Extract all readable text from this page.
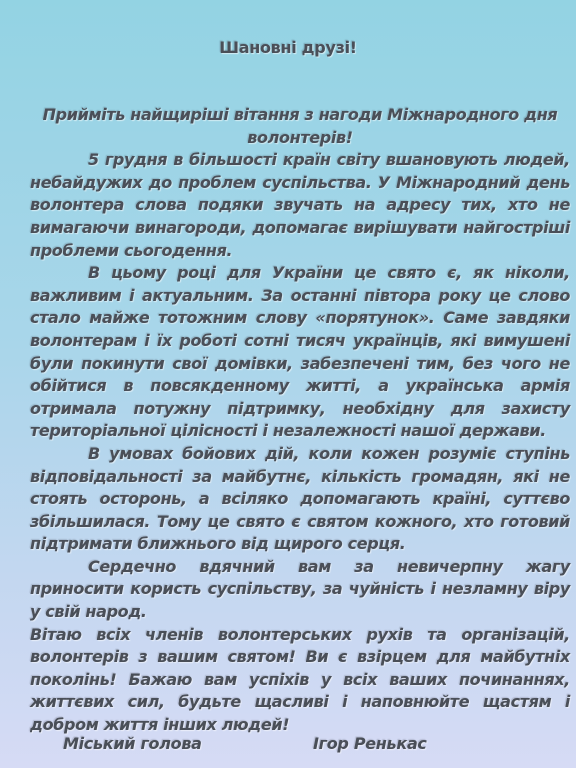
Шановні друзі!

Прийміть найщиріші вітання з нагоди Міжнародного дня волонтерів!

5 грудня в більшості країн світу вшановують людей, небайдужих до проблем суспільства. У Міжнародний день волонтера слова подяки звучать на адресу тих, хто не вимагаючи винагороди, допомагає вирішувати найгостріші проблеми сьогодення.

В цьому році для України це свято є, як ніколи, важливим і актуальним. За останні півтора року це слово стало майже тотожним слову «порятунок». Саме завдяки волонтерам і їх роботі сотні тисяч українців, які вимушені були покинути свої домівки, забезпечені тим, без чого не обійтися в повсякденному житті, а українська армія отримала потужну підтримку, необхідну для захисту територіальної цілісності і незалежності нашої держави.

В умовах бойових дій, коли кожен розуміє ступінь відповідальності за майбутнє, кількість громадян, які не стоять осторонь, а всіляко допомагають країні, суттєво збільшилася. Тому це свято є святом кожного, хто готовий підтримати ближнього від щирого серця.

Сердечно вдячний вам за невичерпну жагу приносити користь суспільству, за чуйність і незламну віру у свій народ.

Вітаю всіх членів волонтерських рухів та організацій, волонтерів з вашим святом! Ви є взірцем для майбутніх поколінь! Бажаю вам успіхів у всіх ваших починаннях, життєвих сил, будьте щасливі і наповнюйте щастям і добром життя інших людей!

Міський голова	Ігор Ренькас
